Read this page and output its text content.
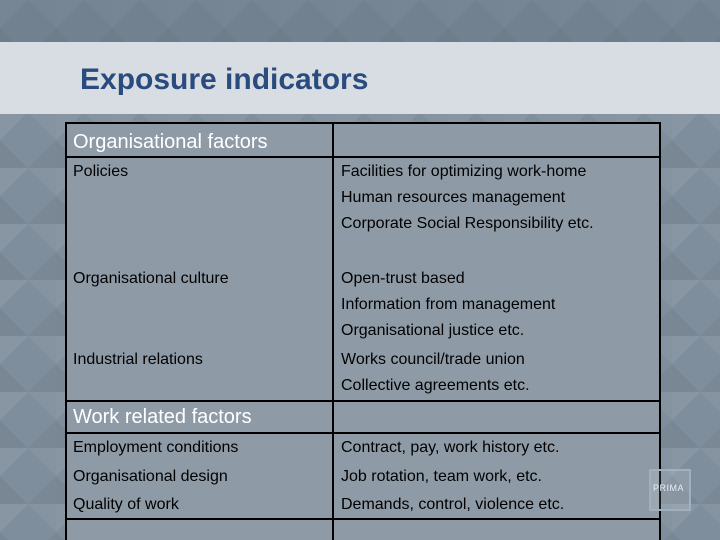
Exposure indicators
Organisational factors
Policies	Facilities for optimizing work-home
Human resources management
Corporate Social Responsibility etc.
Organisational culture	Open-trust based
Information from management
Organisational justice etc.
Industrial relations	Works council/trade union
Collective agreements etc.
Work related factors
Employment conditions	Contract, pay, work history etc.
Organisational design	Job rotation, team work, etc.
Quality of work	Demands, control, violence etc.
PRIMA
